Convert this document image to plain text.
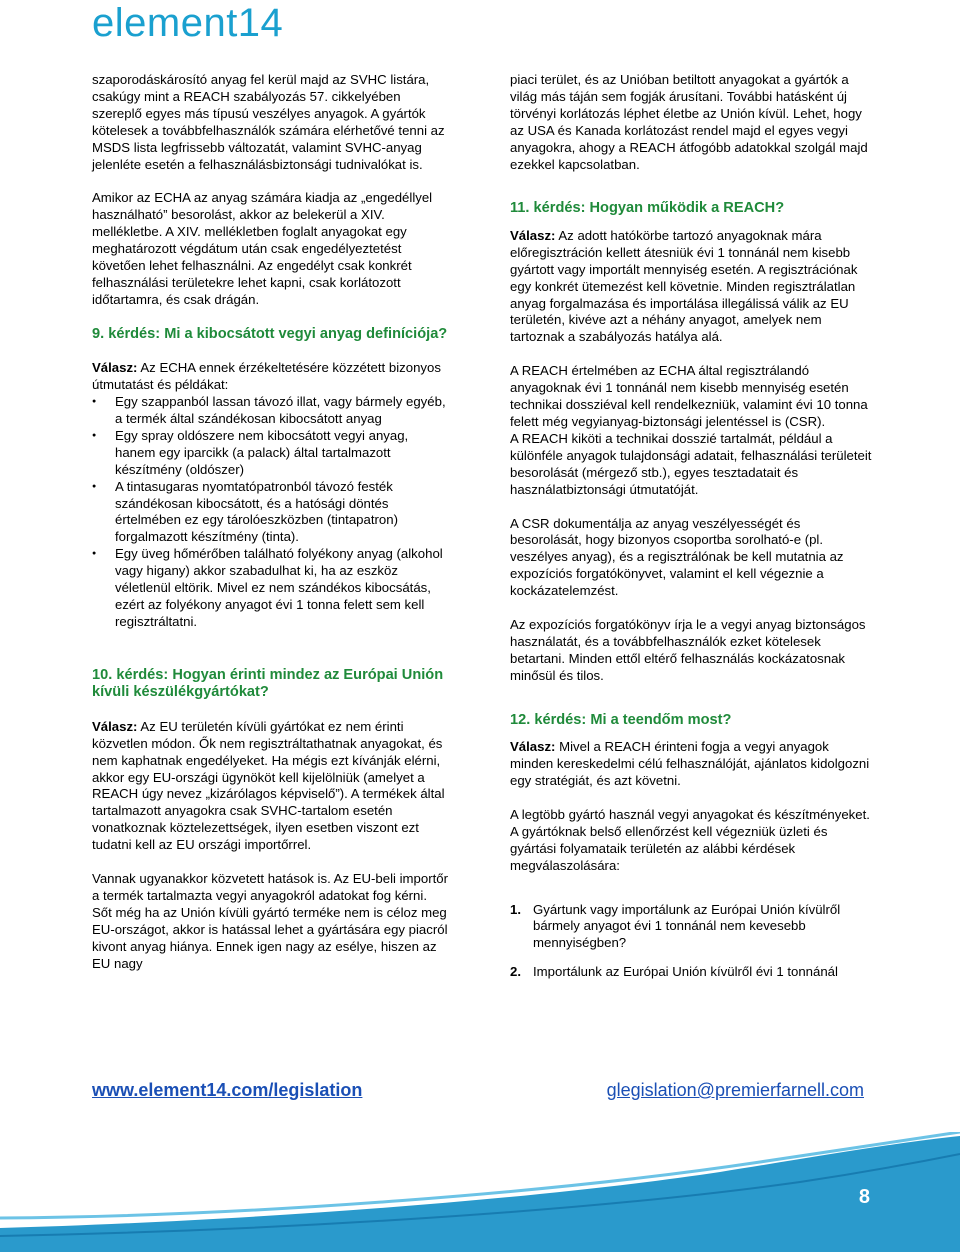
element14

szaporodáskárosító anyag fel kerül majd az SVHC listára, csakúgy mint a REACH szabályozás 57. cikkelyében szereplő egyes más típusú veszélyes anyagok. A gyártók kötelesek a továbbfelhasználók számára elérhetővé tenni az MSDS lista legfrissebb változatát, valamint SVHC-anyag jelenléte esetén a felhasználásbiztonsági tudnivalókat is.

Amikor az ECHA az anyag számára kiadja az „engedéllyel használható” besorolást, akkor az belekerül a XIV. mellékletbe. A XIV. mellékletben foglalt anyagokat egy meghatározott végdátum után csak engedélyeztetést követően lehet felhasználni. Az engedélyt csak konkrét felhasználási területekre lehet kapni, csak korlátozott időtartamra, és csak drágán.

9. kérdés: Mi a kibocsátott vegyi anyag definíciója?

Válasz: Az ECHA ennek érzékeltetésére közzétett bizonyos útmutatást és példákat:

● Egy szappanból lassan távozó illat, vagy bármely egyéb, a termék által szándékosan kibocsátott anyag
● Egy spray oldószere nem kibocsátott vegyi anyag, hanem egy iparcikk (a palack) által tartalmazott készítmény (oldószer)
● A tintasugaras nyomtatópatronból távozó festék szándékosan kibocsátott, és a hatósági döntés értelmében ez egy tárolóeszközben (tintapatron) forgalmazott készítmény (tinta).
● Egy üveg hőmérőben található folyékony anyag (alkohol vagy higany) akkor szabadulhat ki, ha az eszköz véletlenül eltörik. Mivel ez nem szándékos kibocsátás, ezért az folyékony anyagot évi 1 tonna felett sem kell regisztráltatni.

10. kérdés: Hogyan érinti mindez az Európai Unión kívüli készülékgyártókat?

Válasz: Az EU területén kívüli gyártókat ez nem érinti közvetlen módon. Ők nem regisztráltathatnak anyagokat, és nem kaphatnak engedélyeket. Ha mégis ezt kívánják elérni, akkor egy EU-országi ügynököt kell kijelölniük (amelyet a REACH úgy nevez „kizárólagos képviselő”). A termékek által tartalmazott anyagokra csak SVHC-tartalom esetén vonatkoznak köztelezettségek, ilyen esetben viszont ezt tudatni kell az EU országi importőrrel.

Vannak ugyanakkor közvetett hatások is. Az EU-beli importőr a termék tartalmazta vegyi anyagokról adatokat fog kérni. Sőt még ha az Unión kívüli gyártó terméke nem is céloz meg EU-országot, akkor is hatással lehet a gyártására egy piacról kivont anyag hiánya. Ennek igen nagy az esélye, hiszen az EU nagy

piaci terület, és az Unióban betiltott anyagokat a gyártók a világ más táján sem fogják árusítani. További hatásként új törvényi korlátozás léphet életbe az Unión kívül. Lehet, hogy az USA és Kanada korlátozást rendel majd el egyes vegyi anyagokra, ahogy a REACH átfogóbb adatokkal szolgál majd ezekkel kapcsolatban.

11. kérdés: Hogyan működik a REACH?

Válasz: Az adott hatókörbe tartozó anyagoknak mára előregisztráción kellett átesniük évi 1 tonnánál nem kisebb gyártott vagy importált mennyiség esetén. A regisztrációnak egy konkrét ütemezést kell követnie. Minden regisztrálatlan anyag forgalmazása és importálása illegálissá válik az EU területén, kivéve azt a néhány anyagot, amelyek nem tartoznak a szabályozás hatálya alá.

A REACH értelmében az ECHA által regisztrálandó anyagoknak évi 1 tonnánál nem kisebb mennyiség esetén technikai dossziéval kell rendelkezniük, valamint évi 10 tonna felett még vegyianyag-biztonsági jelentéssel is (CSR).

A REACH kiköti a technikai dosszié tartalmát, például a különféle anyagok tulajdonsági adatait, felhasználási területeit besorolását (mérgező stb.), egyes tesztadatait és használatbiztonsági útmutatóját.

A CSR dokumentálja az anyag veszélyességét és besorolását, hogy bizonyos csoportba sorolható-e (pl. veszélyes anyag), és a regisztrálónak be kell mutatnia az expozíciós forgatókönyvet, valamint el kell végeznie a kockázatelemzést.

Az expozíciós forgatókönyv írja le a vegyi anyag biztonságos használatát, és a továbbfelhasználók ezket kötelesek betartani. Minden ettől eltérő felhasználás kockázatosnak minősül és tilos.

12. kérdés: Mi a teendőm most?

Válasz: Mivel a REACH érinteni fogja a vegyi anyagok minden kereskedelmi célú felhasználóját, ajánlatos kidolgozni egy stratégiát, és azt követni.

A legtöbb gyártó használ vegyi anyagokat és készítményeket. A gyártóknak belső ellenőrzést kell végezniük üzleti és gyártási folyamataik területén az alábbi kérdések megválaszolására:

1. Gyártunk vagy importálunk az Európai Unión kívülről bármely anyagot évi 1 tonnánál nem kevesebb mennyiségben?
2. Importálunk az Európai Unión kívülről évi 1 tonnánál
www.element14.com/legislation	glegislation@premierfarnell.com
8
